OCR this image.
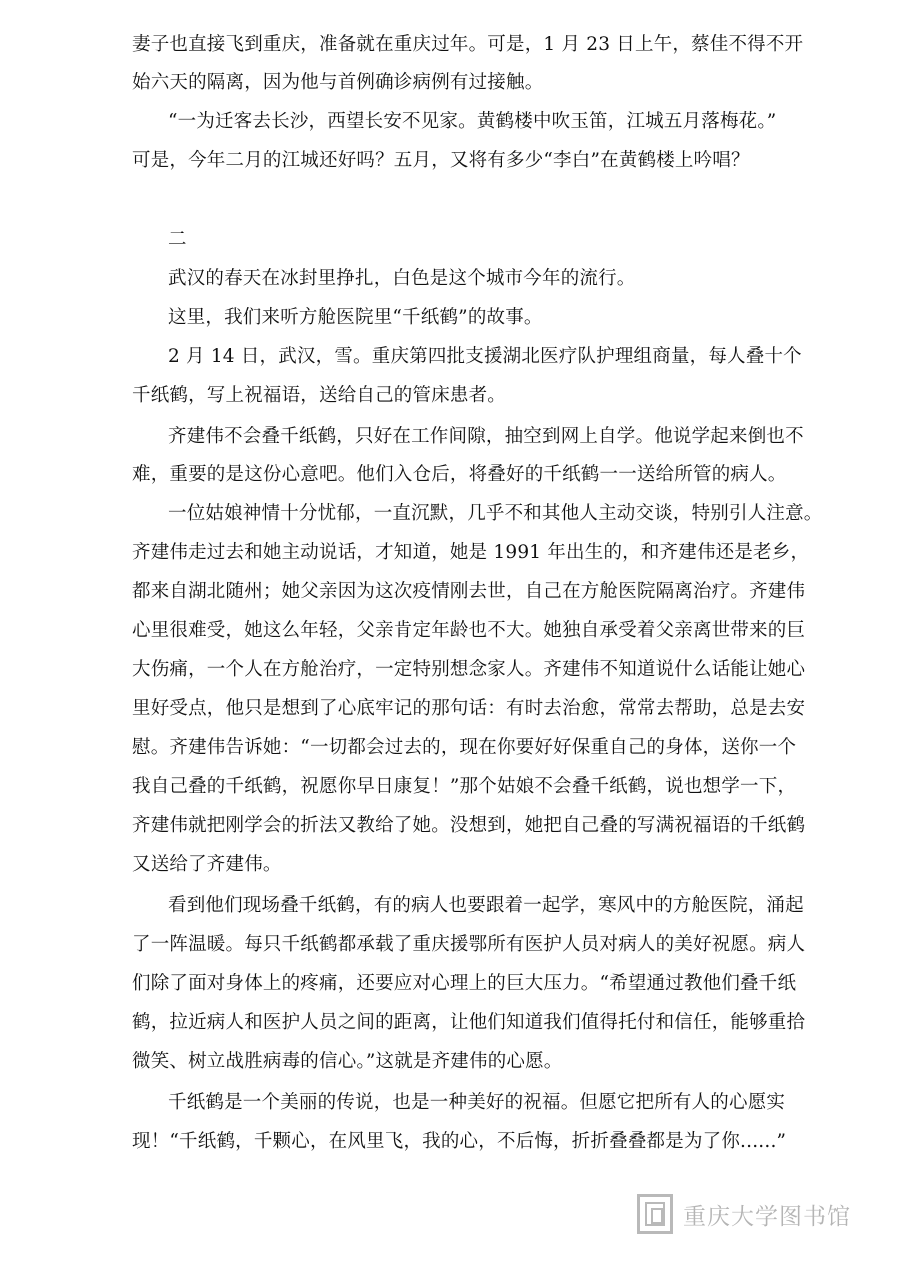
妻子也直接飞到重庆，准备就在重庆过年。可是，1 月 23 日上午，蔡佳不得不开
始六天的隔离，因为他与首例确诊病例有过接触。
“一为迁客去长沙，西望长安不见家。黄鹤楼中吹玉笛，江城五月落梅花。”
可是，今年二月的江城还好吗？五月，又将有多少“李白”在黄鹤楼上吟唱？
二
武汉的春天在冰封里挣扎，白色是这个城市今年的流行。
这里，我们来听方舱医院里“千纸鹤”的故事。
2 月 14 日，武汉，雪。重庆第四批支援湖北医疗队护理组商量，每人叠十个
千纸鹤，写上祝福语，送给自己的管床患者。
齐建伟不会叠千纸鹤，只好在工作间隙，抽空到网上自学。他说学起来倒也不
难，重要的是这份心意吧。他们入仓后，将叠好的千纸鹤一一送给所管的病人。
一位姑娘神情十分忧郁，一直沉默，几乎不和其他人主动交谈，特别引人注意。
齐建伟走过去和她主动说话，才知道，她是 1991 年出生的，和齐建伟还是老乡，
都来自湖北随州；她父亲因为这次疫情刚去世，自己在方舱医院隔离治疗。齐建伟
心里很难受，她这么年轻，父亲肯定年龄也不大。她独自承受着父亲离世带来的巨
大伤痛，一个人在方舱治疗，一定特别想念家人。齐建伟不知道说什么话能让她心
里好受点，他只是想到了心底牢记的那句话：有时去治愈，常常去帮助，总是去安
慰。齐建伟告诉她：“一切都会过去的，现在你要好好保重自己的身体，送你一个
我自己叠的千纸鹤，祝愿你早日康复！”那个姑娘不会叠千纸鹤，说也想学一下，
齐建伟就把刚学会的折法又教给了她。没想到，她把自己叠的写满祝福语的千纸鹤
又送给了齐建伟。
看到他们现场叠千纸鹤，有的病人也要跟着一起学，寒风中的方舱医院，涌起
了一阵温暖。每只千纸鹤都承载了重庆援鄂所有医护人员对病人的美好祝愿。病人
们除了面对身体上的疼痛，还要应对心理上的巨大压力。“希望通过教他们叠千纸
鹤，拉近病人和医护人员之间的距离，让他们知道我们值得托付和信任，能够重拾
微笑、树立战胜病毒的信心。”这就是齐建伟的心愿。
千纸鹤是一个美丽的传说，也是一种美好的祝福。但愿它把所有人的心愿实
现！“千纸鹤，千颗心，在风里飞，我的心，不后悔，折折叠叠都是为了你......”
重庆大学图书馆
